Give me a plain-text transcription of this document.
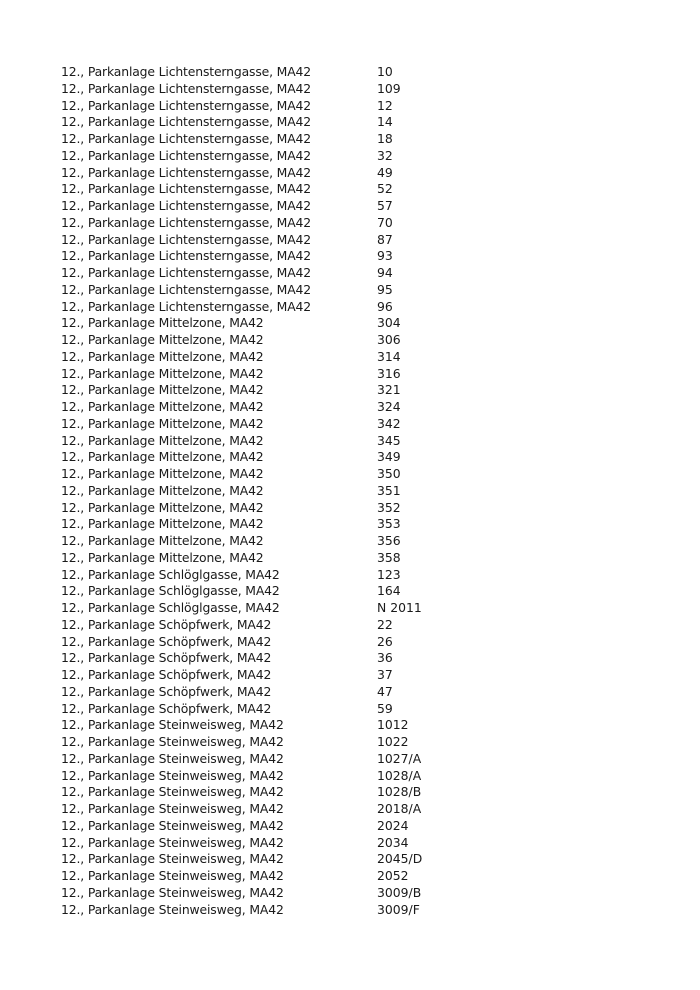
12., Parkanlage Lichtensterngasse, MA42	10
12., Parkanlage Lichtensterngasse, MA42	109
12., Parkanlage Lichtensterngasse, MA42	12
12., Parkanlage Lichtensterngasse, MA42	14
12., Parkanlage Lichtensterngasse, MA42	18
12., Parkanlage Lichtensterngasse, MA42	32
12., Parkanlage Lichtensterngasse, MA42	49
12., Parkanlage Lichtensterngasse, MA42	52
12., Parkanlage Lichtensterngasse, MA42	57
12., Parkanlage Lichtensterngasse, MA42	70
12., Parkanlage Lichtensterngasse, MA42	87
12., Parkanlage Lichtensterngasse, MA42	93
12., Parkanlage Lichtensterngasse, MA42	94
12., Parkanlage Lichtensterngasse, MA42	95
12., Parkanlage Lichtensterngasse, MA42	96
12., Parkanlage Mittelzone, MA42	304
12., Parkanlage Mittelzone, MA42	306
12., Parkanlage Mittelzone, MA42	314
12., Parkanlage Mittelzone, MA42	316
12., Parkanlage Mittelzone, MA42	321
12., Parkanlage Mittelzone, MA42	324
12., Parkanlage Mittelzone, MA42	342
12., Parkanlage Mittelzone, MA42	345
12., Parkanlage Mittelzone, MA42	349
12., Parkanlage Mittelzone, MA42	350
12., Parkanlage Mittelzone, MA42	351
12., Parkanlage Mittelzone, MA42	352
12., Parkanlage Mittelzone, MA42	353
12., Parkanlage Mittelzone, MA42	356
12., Parkanlage Mittelzone, MA42	358
12., Parkanlage Schlöglgasse, MA42	123
12., Parkanlage Schlöglgasse, MA42	164
12., Parkanlage Schlöglgasse, MA42	N 2011
12., Parkanlage Schöpfwerk, MA42	22
12., Parkanlage Schöpfwerk, MA42	26
12., Parkanlage Schöpfwerk, MA42	36
12., Parkanlage Schöpfwerk, MA42	37
12., Parkanlage Schöpfwerk, MA42	47
12., Parkanlage Schöpfwerk, MA42	59
12., Parkanlage Steinweisweg, MA42	1012
12., Parkanlage Steinweisweg, MA42	1022
12., Parkanlage Steinweisweg, MA42	1027/A
12., Parkanlage Steinweisweg, MA42	1028/A
12., Parkanlage Steinweisweg, MA42	1028/B
12., Parkanlage Steinweisweg, MA42	2018/A
12., Parkanlage Steinweisweg, MA42	2024
12., Parkanlage Steinweisweg, MA42	2034
12., Parkanlage Steinweisweg, MA42	2045/D
12., Parkanlage Steinweisweg, MA42	2052
12., Parkanlage Steinweisweg, MA42	3009/B
12., Parkanlage Steinweisweg, MA42	3009/F
